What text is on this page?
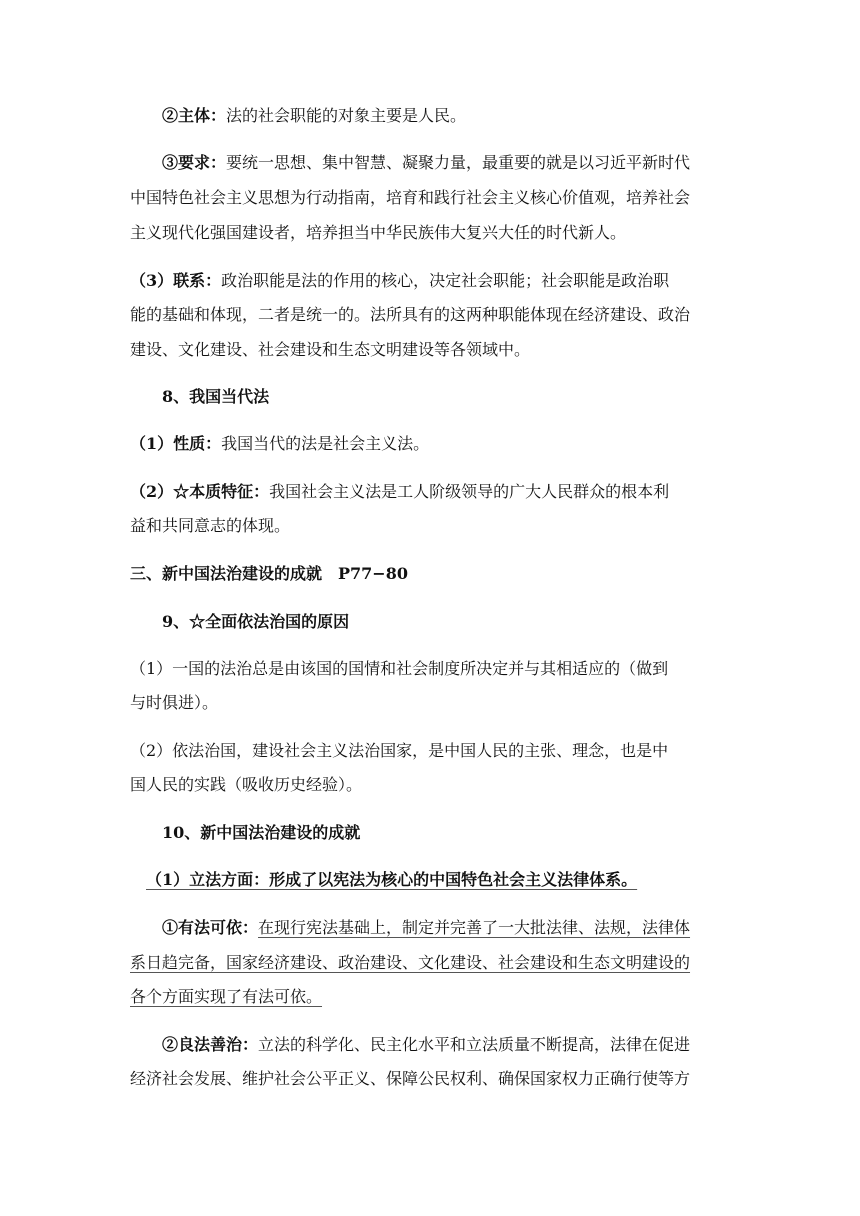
②主体：法的社会职能的对象主要是人民。
③要求：要统一思想、集中智慧、凝聚力量，最重要的就是以习近平新时代
中国特色社会主义思想为行动指南，培育和践行社会主义核心价值观，培养社会
主义现代化强国建设者，培养担当中华民族伟大复兴大任的时代新人。
（3）联系：政治职能是法的作用的核心，决定社会职能；社会职能是政治职
能的基础和体现，二者是统一的。法所具有的这两种职能体现在经济建设、政治
建设、文化建设、社会建设和生态文明建设等各领域中。
8、我国当代法
（1）性质：我国当代的法是社会主义法。
（2）☆本质特征：我国社会主义法是工人阶级领导的广大人民群众的根本利
益和共同意志的体现。
三、新中国法治建设的成就　P77−80
9、☆全面依法治国的原因
（1）一国的法治总是由该国的国情和社会制度所决定并与其相适应的（做到
与时俱进）。
（2）依法治国，建设社会主义法治国家，是中国人民的主张、理念，也是中
国人民的实践（吸收历史经验）。
10、新中国法治建设的成就
（1）立法方面：形成了以宪法为核心的中国特色社会主义法律体系。
①有法可依：在现行宪法基础上，制定并完善了一大批法律、法规，法律体
系日趋完备，国家经济建设、政治建设、文化建设、社会建设和生态文明建设的
各个方面实现了有法可依。
②良法善治：立法的科学化、民主化水平和立法质量不断提高，法律在促进
经济社会发展、维护社会公平正义、保障公民权利、确保国家权力正确行使等方
